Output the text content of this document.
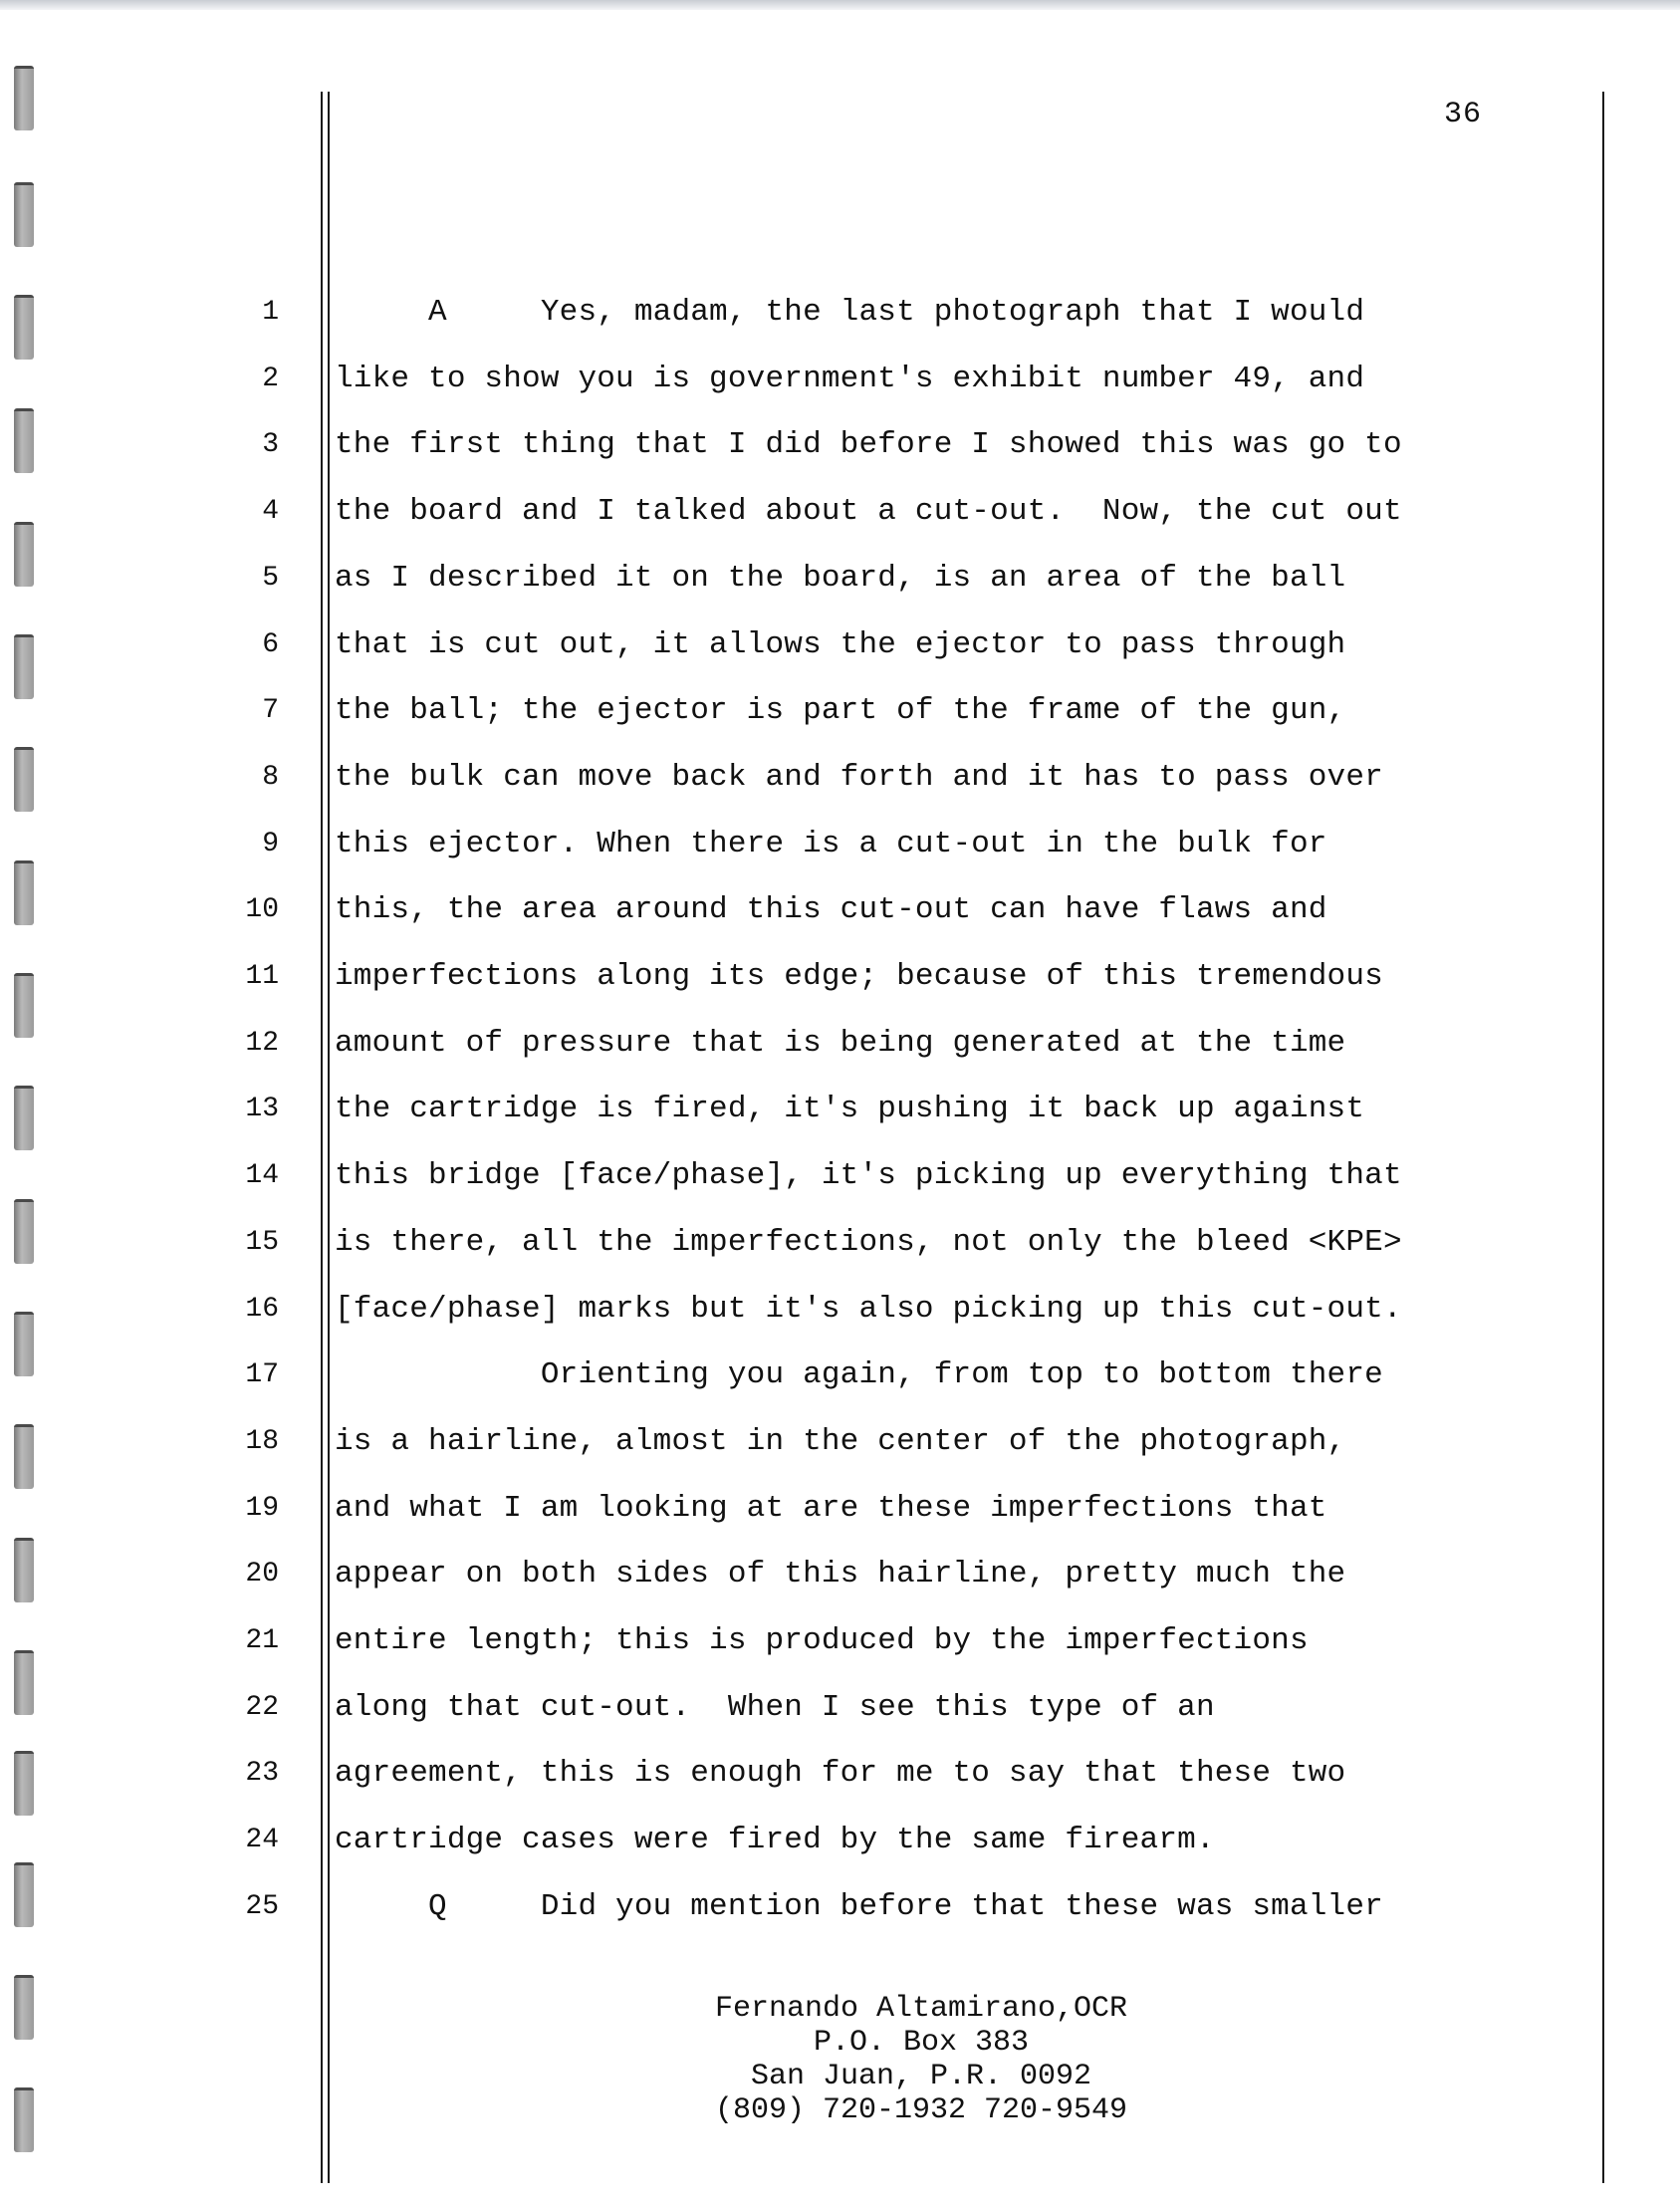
36
1 A     Yes, madam, the last photograph that I would
2 like to show you is government's exhibit number 49, and
3 the first thing that I did before I showed this was go to
4 the board and I talked about a cut-out.  Now, the cut out
5 as I described it on the board, is an area of the ball
6 that is cut out, it allows the ejector to pass through
7 the ball; the ejector is part of the frame of the gun,
8 the bulk can move back and forth and it has to pass over
9 this ejector. When there is a cut-out in the bulk for
10 this, the area around this cut-out can have flaws and
11 imperfections along its edge; because of this tremendous
12 amount of pressure that is being generated at the time
13 the cartridge is fired, it's pushing it back up against
14 this bridge [face/phase], it's picking up everything that
15 is there, all the imperfections, not only the bleed <KPE>
16 [face/phase] marks but it's also picking up this cut-out.
17 Orienting you again, from top to bottom there
18 is a hairline, almost in the center of the photograph,
19 and what I am looking at are these imperfections that
20 appear on both sides of this hairline, pretty much the
21 entire length; this is produced by the imperfections
22 along that cut-out.  When I see this type of an
23 agreement, this is enough for me to say that these two
24 cartridge cases were fired by the same firearm.
25 Q     Did you mention before that these was smaller
Fernando Altamirano,OCR
P.O. Box 383
San Juan, P.R. 0092
(809) 720-1932 720-9549
